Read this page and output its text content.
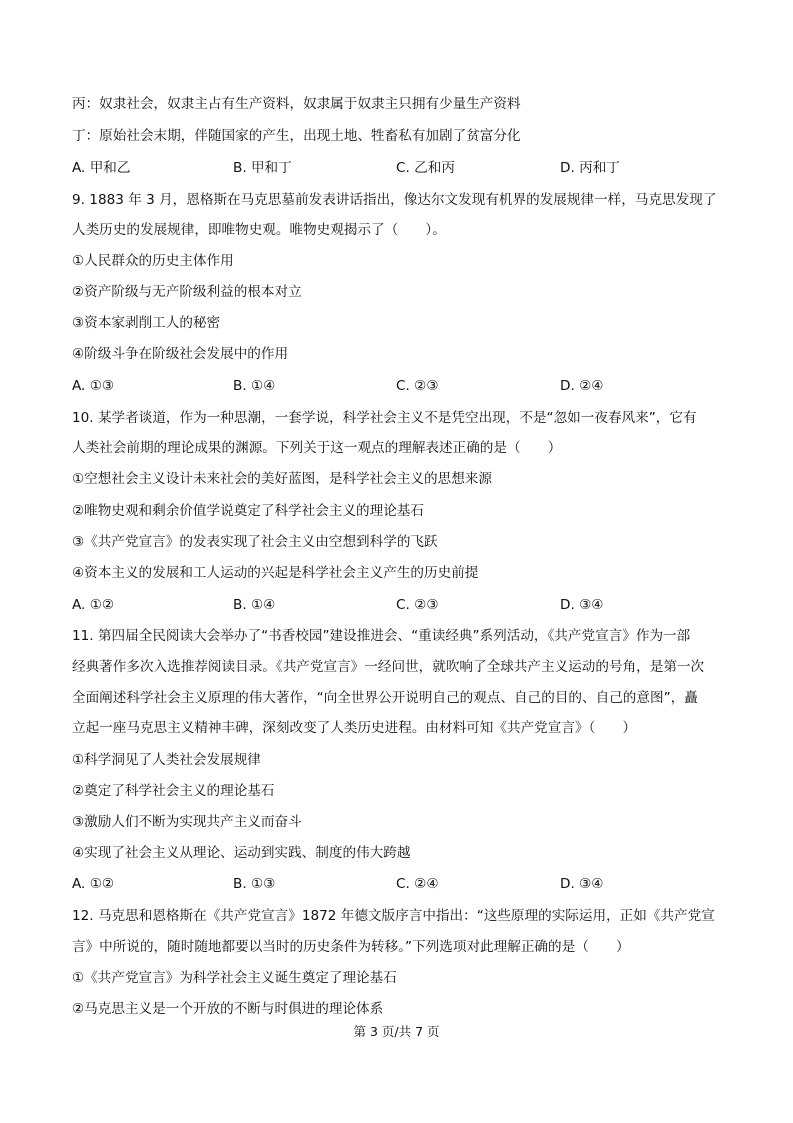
丙：奴隶社会，奴隶主占有生产资料，奴隶属于奴隶主只拥有少量生产资料
丁：原始社会末期，伴随国家的产生，出现土地、牲畜私有加剧了贫富分化
A. 甲和乙	B. 甲和丁	C. 乙和丙	D. 丙和丁
9. 1883 年 3 月，恩格斯在马克思墓前发表讲话指出，像达尔文发现有机界的发展规律一样，马克思发现了
人类历史的发展规律，即唯物史观。唯物史观揭示了（　　）。
①人民群众的历史主体作用
②资产阶级与无产阶级利益的根本对立
③资本家剥削工人的秘密
④阶级斗争在阶级社会发展中的作用
A. ①③	B. ①④	C. ②③	D. ②④
10. 某学者谈道，作为一种思潮，一套学说，科学社会主义不是凭空出现，不是“忽如一夜春风来”，它有
人类社会前期的理论成果的渊源。下列关于这一观点的理解表述正确的是（　　）
①空想社会主义设计未来社会的美好蓝图，是科学社会主义的思想来源
②唯物史观和剩余价值学说奠定了科学社会主义的理论基石
③《共产党宣言》的发表实现了社会主义由空想到科学的飞跃
④资本主义的发展和工人运动的兴起是科学社会主义产生的历史前提
A. ①②	B. ①④	C. ②③	D. ③④
11. 第四届全民阅读大会举办了“书香校园”建设推进会、“重读经典”系列活动，《共产党宣言》作为一部
经典著作多次入选推荐阅读目录。《共产党宣言》一经问世，就吹响了全球共产主义运动的号角，是第一次
全面阐述科学社会主义原理的伟大著作，“向全世界公开说明自己的观点、自己的目的、自己的意图”，矗
立起一座马克思主义精神丰碑，深刻改变了人类历史进程。由材料可知《共产党宣言》（　　）
①科学洞见了人类社会发展规律
②奠定了科学社会主义的理论基石
③激励人们不断为实现共产主义而奋斗
④实现了社会主义从理论、运动到实践、制度的伟大跨越
A. ①②	B. ①③	C. ②④	D. ③④
12. 马克思和恩格斯在《共产党宣言》1872 年德文版序言中指出：“这些原理的实际运用，正如《共产党宣
言》中所说的，随时随地都要以当时的历史条件为转移。”下列选项对此理解正确的是（　　）
①《共产党宣言》为科学社会主义诞生奠定了理论基石
②马克思主义是一个开放的不断与时俱进的理论体系
第 3 页/共 7 页
